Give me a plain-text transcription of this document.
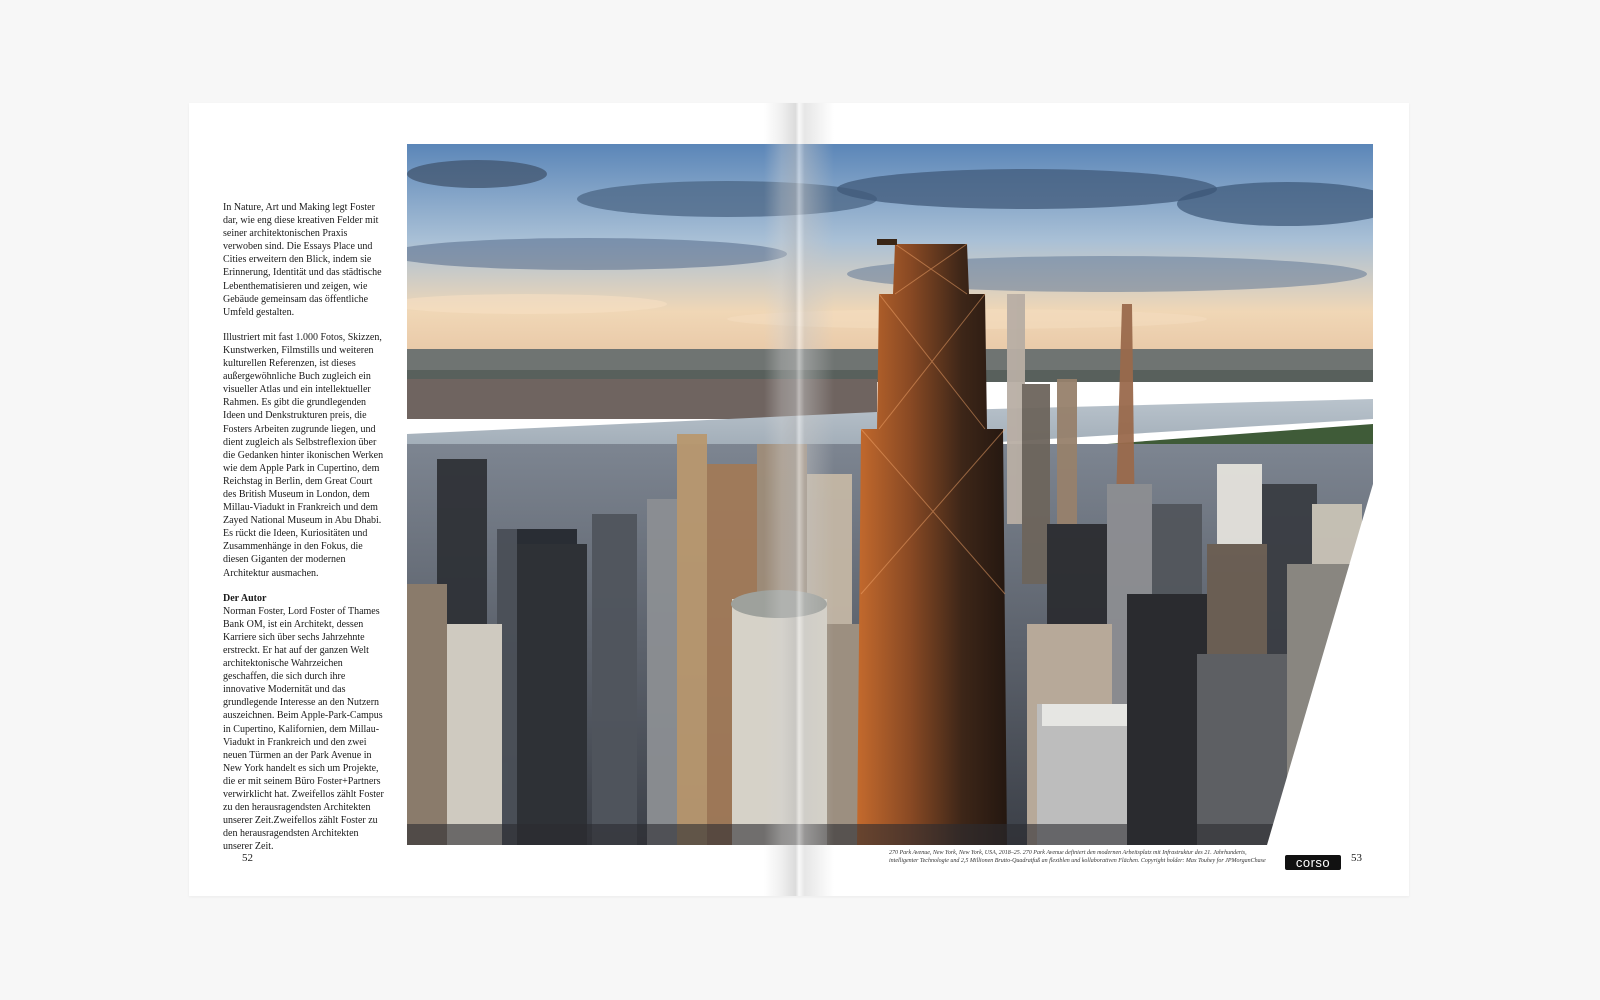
In Nature, Art und Making legt Foster dar, wie eng diese kreativen Felder mit seiner architektonischen Praxis verwoben sind. Die Essays Place und Cities erweitern den Blick, indem sie Erinnerung, Identität und das städtische Lebenthematisieren und zeigen, wie Gebäude gemeinsam das öffentliche Umfeld gestalten.

Illustriert mit fast 1.000 Fotos, Skizzen, Kunstwerken, Filmstills und weiteren kulturellen Referenzen, ist dieses außergewöhnliche Buch zugleich ein visueller Atlas und ein intellektueller Rahmen. Es gibt die grundlegenden Ideen und Denkstrukturen preis, die Fosters Arbeiten zugrunde liegen, und dient zugleich als Selbstreflexion über die Gedanken hinter ikonischen Werken wie dem Apple Park in Cupertino, dem Reichstag in Berlin, dem Great Court des British Museum in London, dem Millau-Viadukt in Frankreich und dem Zayed National Museum in Abu Dhabi. Es rückt die Ideen, Kuriositäten und Zusammenhänge in den Fokus, die diesen Giganten der modernen Architektur ausmachen.

Der Autor

Norman Foster, Lord Foster of Thames Bank OM, ist ein Architekt, dessen Karriere sich über sechs Jahrzehnte erstreckt. Er hat auf der ganzen Welt architektonische Wahrzeichen geschaffen, die sich durch ihre innovative Modernität und das grundlegende Interesse an den Nutzern auszeichnen. Beim Apple-Park-Campus in Cupertino, Kalifornien, dem Millau-Viadukt in Frankreich und den zwei neuen Türmen an der Park Avenue in New York handelt es sich um Projekte, die er mit seinem Büro Foster+Partners verwirklicht hat. Zweifellos zählt Foster zu den herausragendsten Architekten unserer Zeit.Zweifellos zählt Foster zu den herausragendsten Architekten unserer Zeit.

52	270 Park Avenue, New York, New York, USA, 2018–25. 270 Park Avenue definiert den modernen Arbeitsplatz mit Infrastruktur des 21. Jahrhunderts, intelligenter Technologie und 2,5 Millionen Brutto-Quadratfuß an flexiblen und kollaborativen Flächen. Copyright holder: Max Touhey for JPMorganChase	corso	53
